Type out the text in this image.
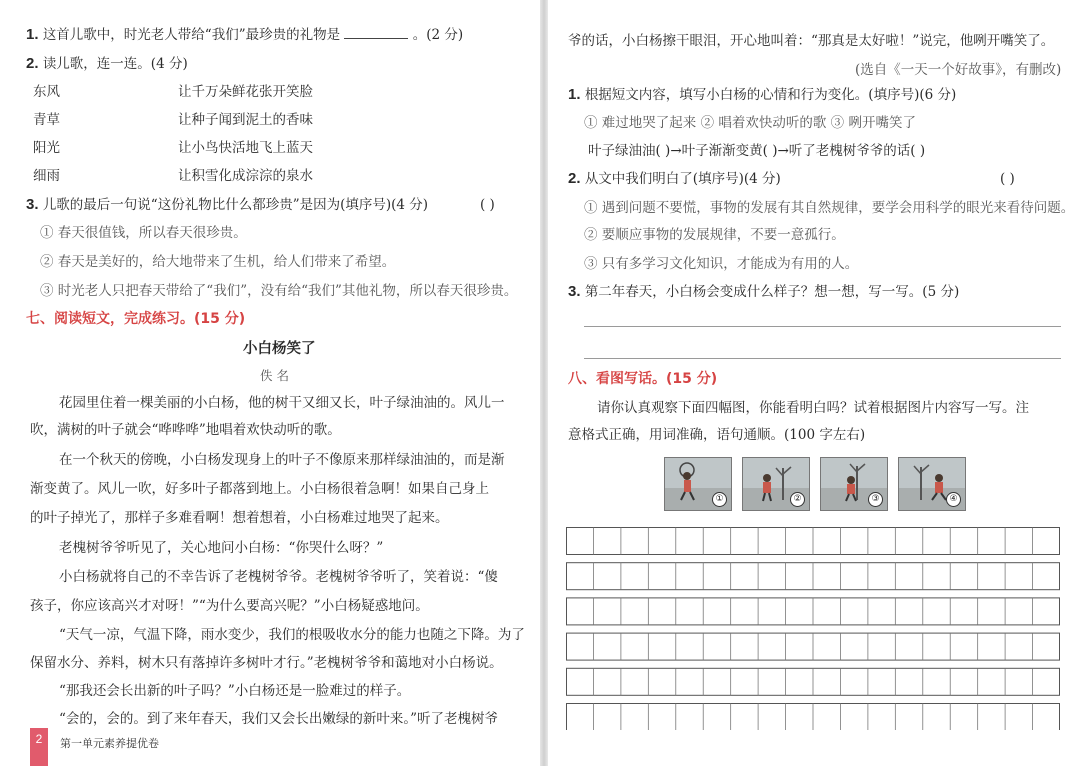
1. 这首儿歌中，时光老人带给“我们”最珍贵的礼物是	。(2 分)
2. 读儿歌，连一连。(4 分)
东风	让千万朵鲜花张开笑脸
青草	让种子闻到泥土的香味
阳光	让小鸟快活地飞上蓝天
细雨	让积雪化成淙淙的泉水
3. 儿歌的最后一句说“这份礼物比什么都珍贵”是因为(填序号)(4 分)	( )
① 春天很值钱，所以春天很珍贵。
② 春天是美好的，给大地带来了生机，给人们带来了希望。
③ 时光老人只把春天带给了“我们”，没有给“我们”其他礼物，所以春天很珍贵。
七、阅读短文，完成练习。(15 分)
小白杨笑了
佚 名
花园里住着一棵美丽的小白杨，他的树干又细又长，叶子绿油油的。风儿一
吹，满树的叶子就会“哗哗哗”地唱着欢快动听的歌。
在一个秋天的傍晚，小白杨发现身上的叶子不像原来那样绿油油的，而是渐
渐变黄了。风儿一吹，好多叶子都落到地上。小白杨很着急啊！如果自己身上
的叶子掉光了，那样子多难看啊！想着想着，小白杨难过地哭了起来。
老槐树爷爷听见了，关心地问小白杨：“你哭什么呀？”
小白杨就将自己的不幸告诉了老槐树爷爷。老槐树爷爷听了，笑着说：“傻
孩子，你应该高兴才对呀！”“为什么要高兴呢？”小白杨疑惑地问。
“天气一凉，气温下降，雨水变少，我们的根吸收水分的能力也随之下降。为了
保留水分、养料，树木只有落掉许多树叶才行。”老槐树爷爷和蔼地对小白杨说。
“那我还会长出新的叶子吗？”小白杨还是一脸难过的样子。
“会的，会的。到了来年春天，我们又会长出嫩绿的新叶来。”听了老槐树爷
2	第一单元素养提优卷
爷的话，小白杨擦干眼泪，开心地叫着：“那真是太好啦！”说完，他咧开嘴笑了。
(选自《一天一个好故事》，有删改)
1. 根据短文内容，填写小白杨的心情和行为变化。(填序号)(6 分)
① 难过地哭了起来 ② 唱着欢快动听的歌 ③ 咧开嘴笑了
叶子绿油油( )→叶子渐渐变黄( )→听了老槐树爷爷的话( )
2. 从文中我们明白了(填序号)(4 分)	( )
① 遇到问题不要慌，事物的发展有其自然规律，要学会用科学的眼光来看待问题。
② 要顺应事物的发展规律，不要一意孤行。
③ 只有多学习文化知识，才能成为有用的人。
3. 第二年春天，小白杨会变成什么样子？想一想，写一写。(5 分)
八、看图写话。(15 分)
请你认真观察下面四幅图，你能看明白吗？试着根据图片内容写一写。注
意格式正确，用词准确，语句通顺。(100 字左右)
①	②	③	④
